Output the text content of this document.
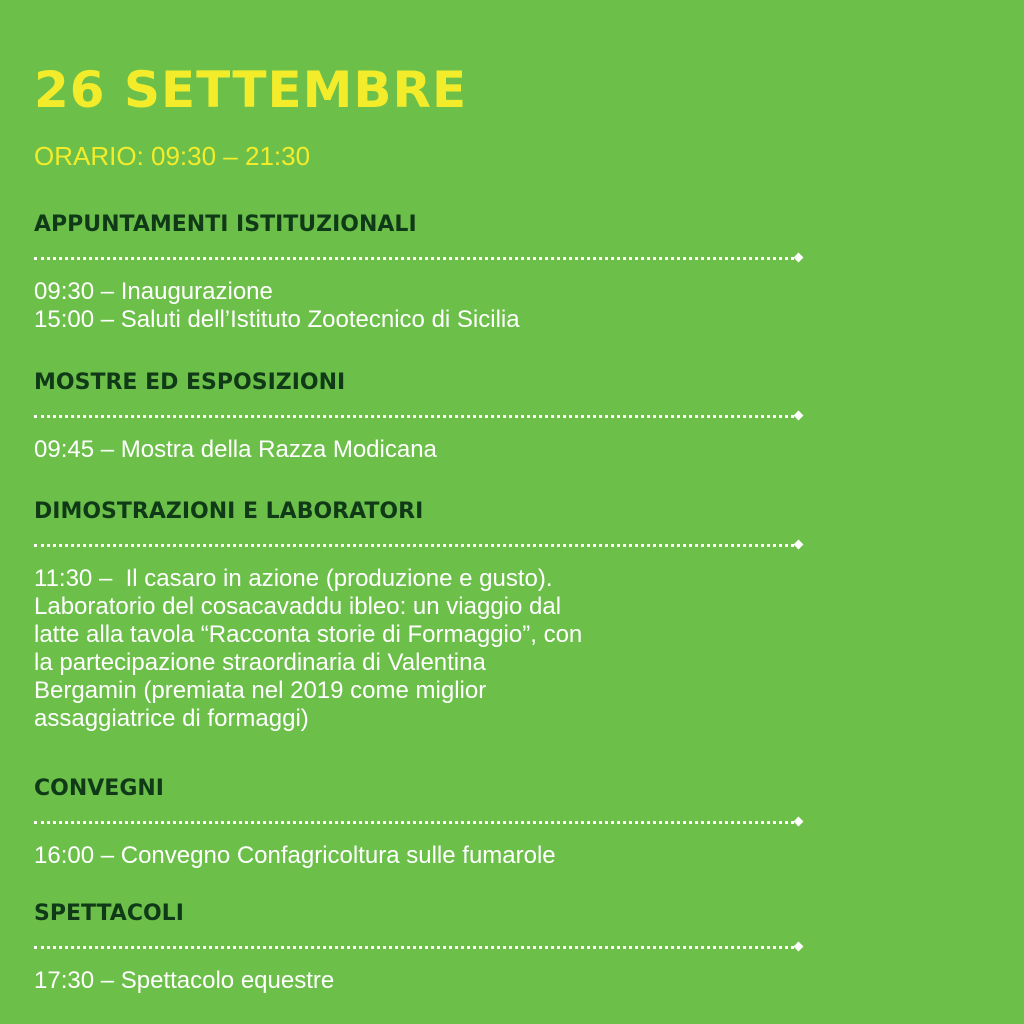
26 SETTEMBRE

ORARIO: 09:30 – 21:30

APPUNTAMENTI ISTITUZIONALI
09:30 – Inaugurazione
15:00 – Saluti dell’Istituto Zootecnico di Sicilia
MOSTRE ED ESPOSIZIONI
09:45 – Mostra della Razza Modicana
DIMOSTRAZIONI E LABORATORI
11:30 –  Il casaro in azione (produzione e gusto).
Laboratorio del cosacavaddu ibleo: un viaggio dal
latte alla tavola “Racconta storie di Formaggio”, con
la partecipazione straordinaria di Valentina
Bergamin (premiata nel 2019 come miglior
assaggiatrice di formaggi)
CONVEGNI
16:00 – Convegno Confagricoltura sulle fumarole
SPETTACOLI
17:30 – Spettacolo equestre
